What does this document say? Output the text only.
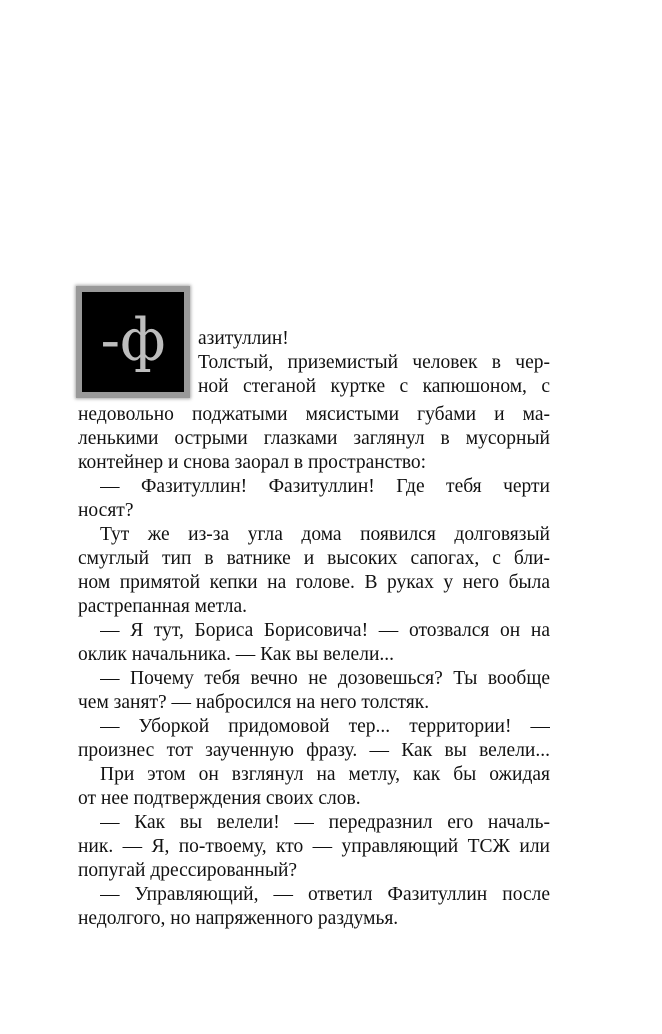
-ф	азитуллин!
Толстый, приземистый человек в чер-
ной стеганой куртке с капюшоном, с
недовольно поджатыми мясистыми губами и ма-
ленькими острыми глазками заглянул в мусорный
контейнер и снова заорал в пространство:
— Фазитуллин! Фазитуллин! Где тебя черти
носят?
Тут же из-за угла дома появился долговязый
смуглый тип в ватнике и высоких сапогах, с бли-
ном примятой кепки на голове. В руках у него была
растрепанная метла.
— Я тут, Бориса Борисовича! — отозвался он на
оклик начальника. — Как вы велели...
— Почему тебя вечно не дозовешься? Ты вообще
чем занят? — набросился на него толстяк.
— Уборкой придомовой тер... территории! —
произнес тот заученную фразу. — Как вы велели...
При этом он взглянул на метлу, как бы ожидая
от нее подтверждения своих слов.
— Как вы велели! — передразнил его началь-
ник. — Я, по-твоему, кто — управляющий ТСЖ или
попугай дрессированный?
— Управляющий, — ответил Фазитуллин после
недолгого, но напряженного раздумья.
